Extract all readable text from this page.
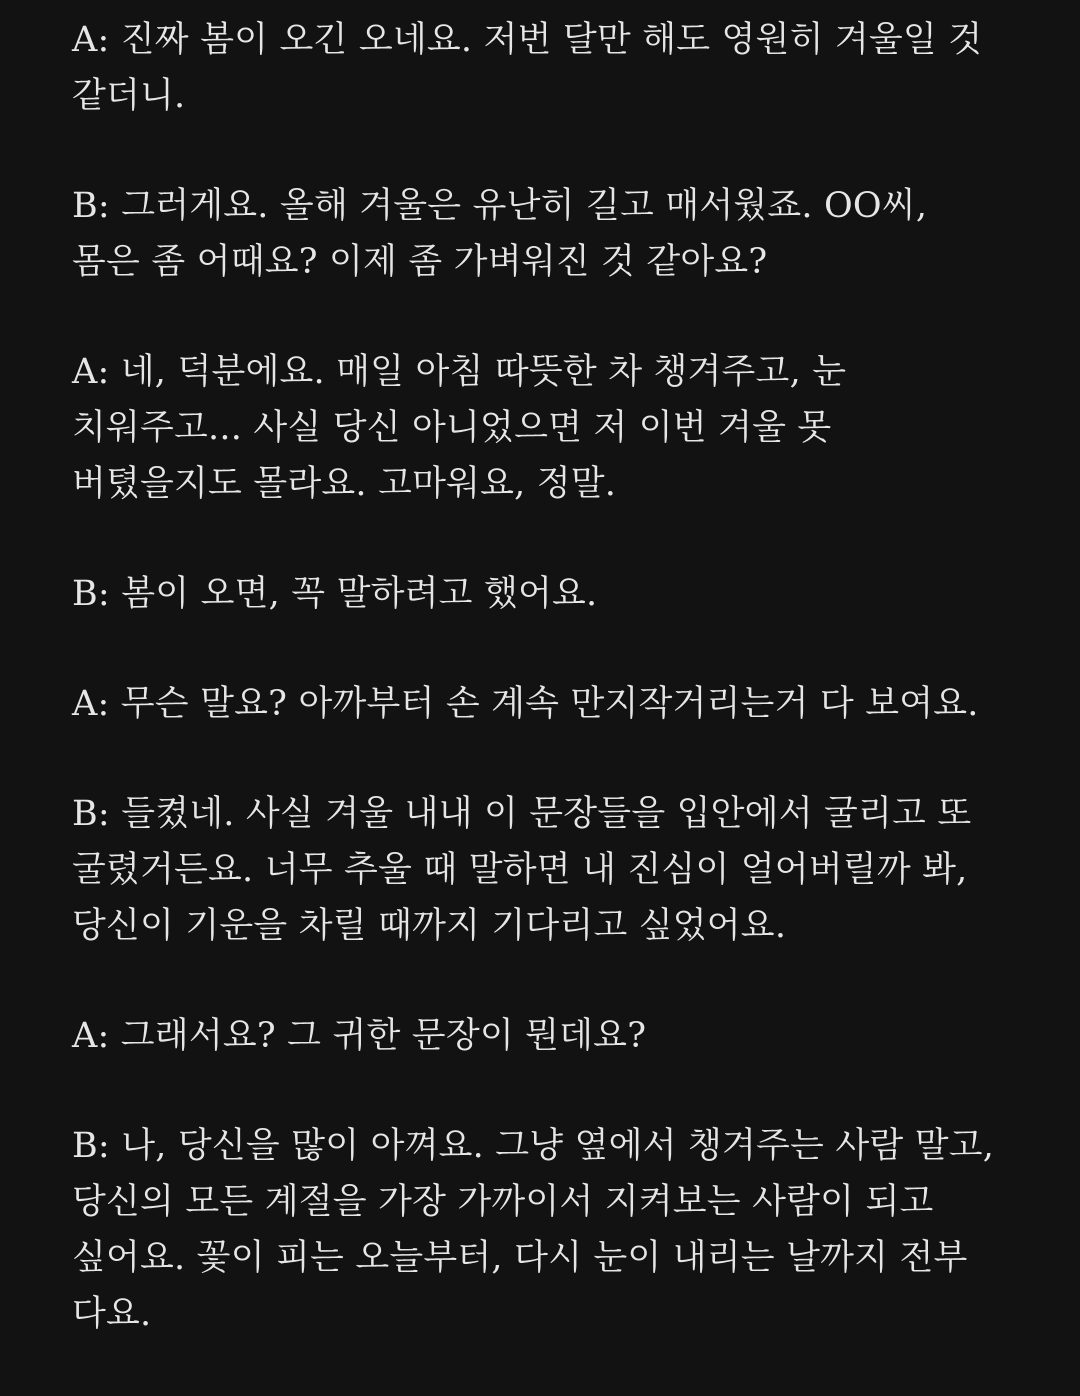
A: 진짜 봄이 오긴 오네요. 저번 달만 해도 영원히 겨울일 것
같더니.
B: 그러게요. 올해 겨울은 유난히 길고 매서웠죠. OO씨,
몸은 좀 어때요? 이제 좀 가벼워진 것 같아요?
A: 네, 덕분에요. 매일 아침 따뜻한 차 챙겨주고, 눈
치워주고... 사실 당신 아니었으면 저 이번 겨울 못
버텼을지도 몰라요. 고마워요, 정말.
B: 봄이 오면, 꼭 말하려고 했어요.
A: 무슨 말요? 아까부터 손 계속 만지작거리는거 다 보여요.
B: 들켰네. 사실 겨울 내내 이 문장들을 입안에서 굴리고 또
굴렸거든요. 너무 추울 때 말하면 내 진심이 얼어버릴까 봐,
당신이 기운을 차릴 때까지 기다리고 싶었어요.
A: 그래서요? 그 귀한 문장이 뭔데요?
B: 나, 당신을 많이 아껴요. 그냥 옆에서 챙겨주는 사람 말고,
당신의 모든 계절을 가장 가까이서 지켜보는 사람이 되고
싶어요. 꽃이 피는 오늘부터, 다시 눈이 내리는 날까지 전부
다요.
